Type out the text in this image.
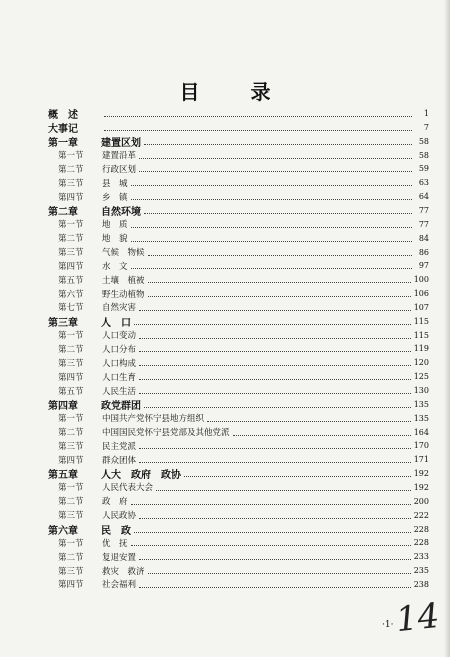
目 录
概　述	1
大事记	7
第一章	建置区划	58
第一节	建置沿革	58
第二节	行政区划	59
第三节	县　城	63
第四节	乡　镇	64
第二章	自然环境	77
第一节	地　质	77
第二节	地　貌	84
第三节	气候　物候	86
第四节	水　文	97
第五节	土壤　植被	100
第六节	野生动植物	106
第七节	自然灾害	107
第三章	人　口	115
第一节	人口变动	115
第二节	人口分布	119
第三节	人口构成	120
第四节	人口生育	125
第五节	人民生活	130
第四章	政党群团	135
第一节	中国共产党怀宁县地方组织	135
第二节	中国国民党怀宁县党部及其他党派	164
第三节	民主党派	170
第四节	群众团体	171
第五章	人大　政府　政协	192
第一节	人民代表大会	192
第二节	政　府	200
第三节	人民政协	222
第六章	民　政	228
第一节	优　抚	228
第二节	复退安置	233
第三节	救灾　救济	235
第四节	社会福利	238
·1· 14
